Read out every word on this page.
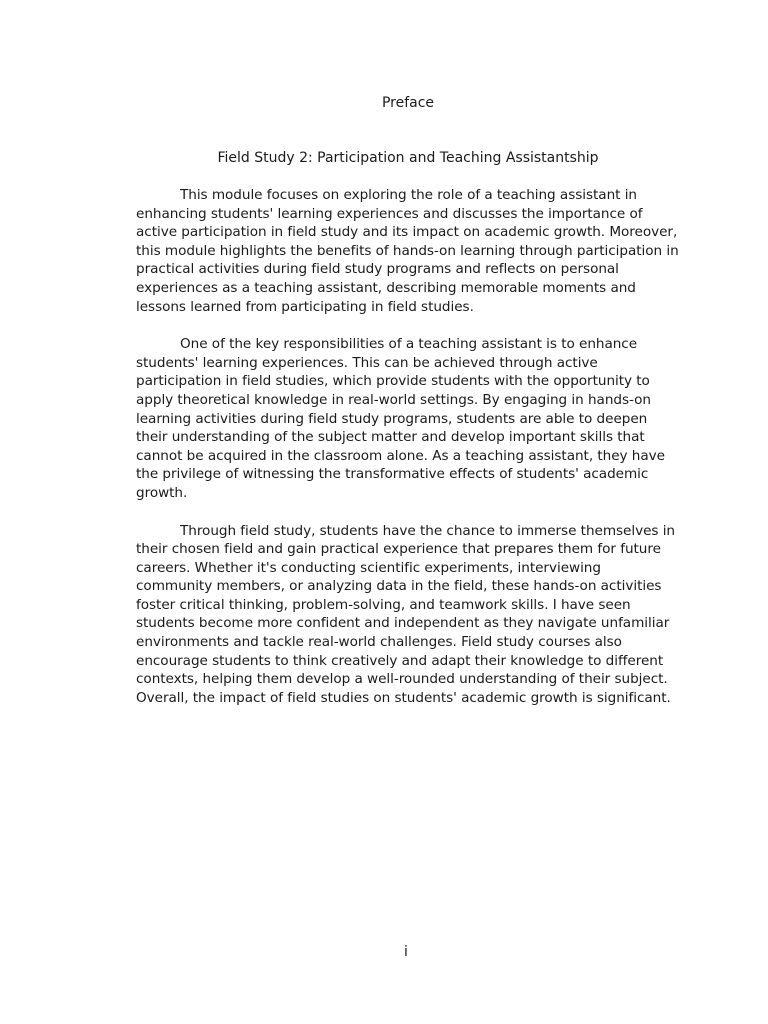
Preface
Field Study 2: Participation and Teaching Assistantship

This module focuses on exploring the role of a teaching assistant in enhancing students' learning experiences and discusses the importance of active participation in field study and its impact on academic growth. Moreover, this module highlights the benefits of hands-on learning through participation in practical activities during field study programs and reflects on personal experiences as a teaching assistant, describing memorable moments and lessons learned from participating in field studies.

One of the key responsibilities of a teaching assistant is to enhance students' learning experiences. This can be achieved through active participation in field studies, which provide students with the opportunity to apply theoretical knowledge in real-world settings. By engaging in hands-on learning activities during field study programs, students are able to deepen their understanding of the subject matter and develop important skills that cannot be acquired in the classroom alone. As a teaching assistant, they have the privilege of witnessing the transformative effects of students' academic growth.

Through field study, students have the chance to immerse themselves in their chosen field and gain practical experience that prepares them for future careers. Whether it's conducting scientific experiments, interviewing community members, or analyzing data in the field, these hands-on activities foster critical thinking, problem-solving, and teamwork skills. I have seen students become more confident and independent as they navigate unfamiliar environments and tackle real-world challenges. Field study courses also encourage students to think creatively and adapt their knowledge to different contexts, helping them develop a well-rounded understanding of their subject. Overall, the impact of field studies on students' academic growth is significant.

i
